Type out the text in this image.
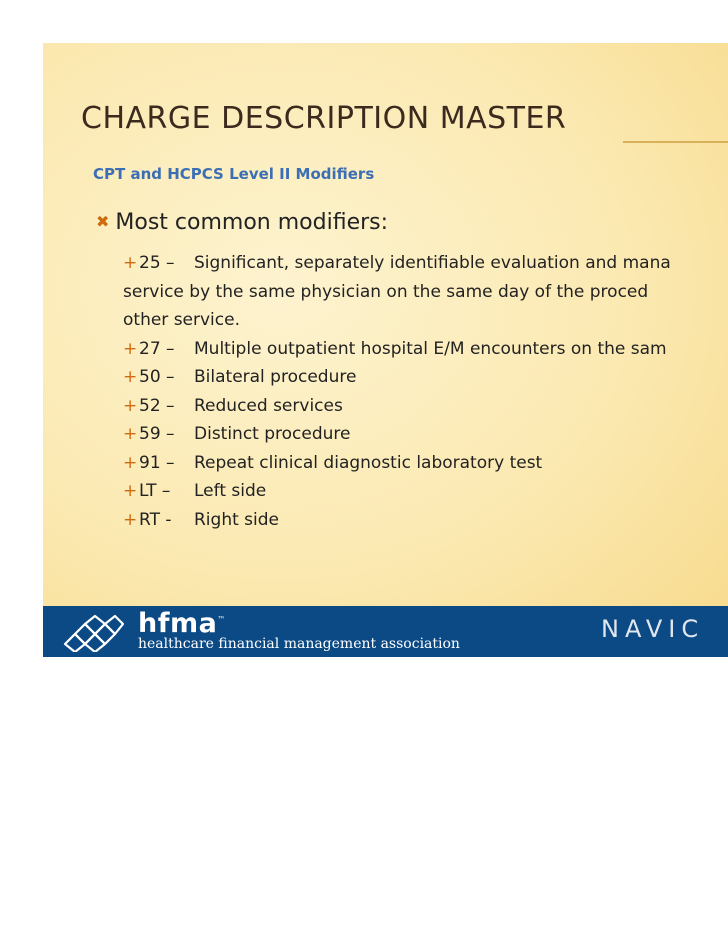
CHARGE DESCRIPTION MASTER
CPT and HCPCS Level II Modifiers
✖ Most common modifiers:
+ 25 – Significant, separately identifiable evaluation and mana
service by the same physician on the same day of the proced
other service.
+ 27 – Multiple outpatient hospital E/M encounters on the sam
+ 50 – Bilateral procedure
+ 52 – Reduced services
+ 59 – Distinct procedure
+ 91 – Repeat clinical diagnostic laboratory test
+ LT – Left side
+ RT - Right side
hfma™
healthcare financial management association
NAVIC
